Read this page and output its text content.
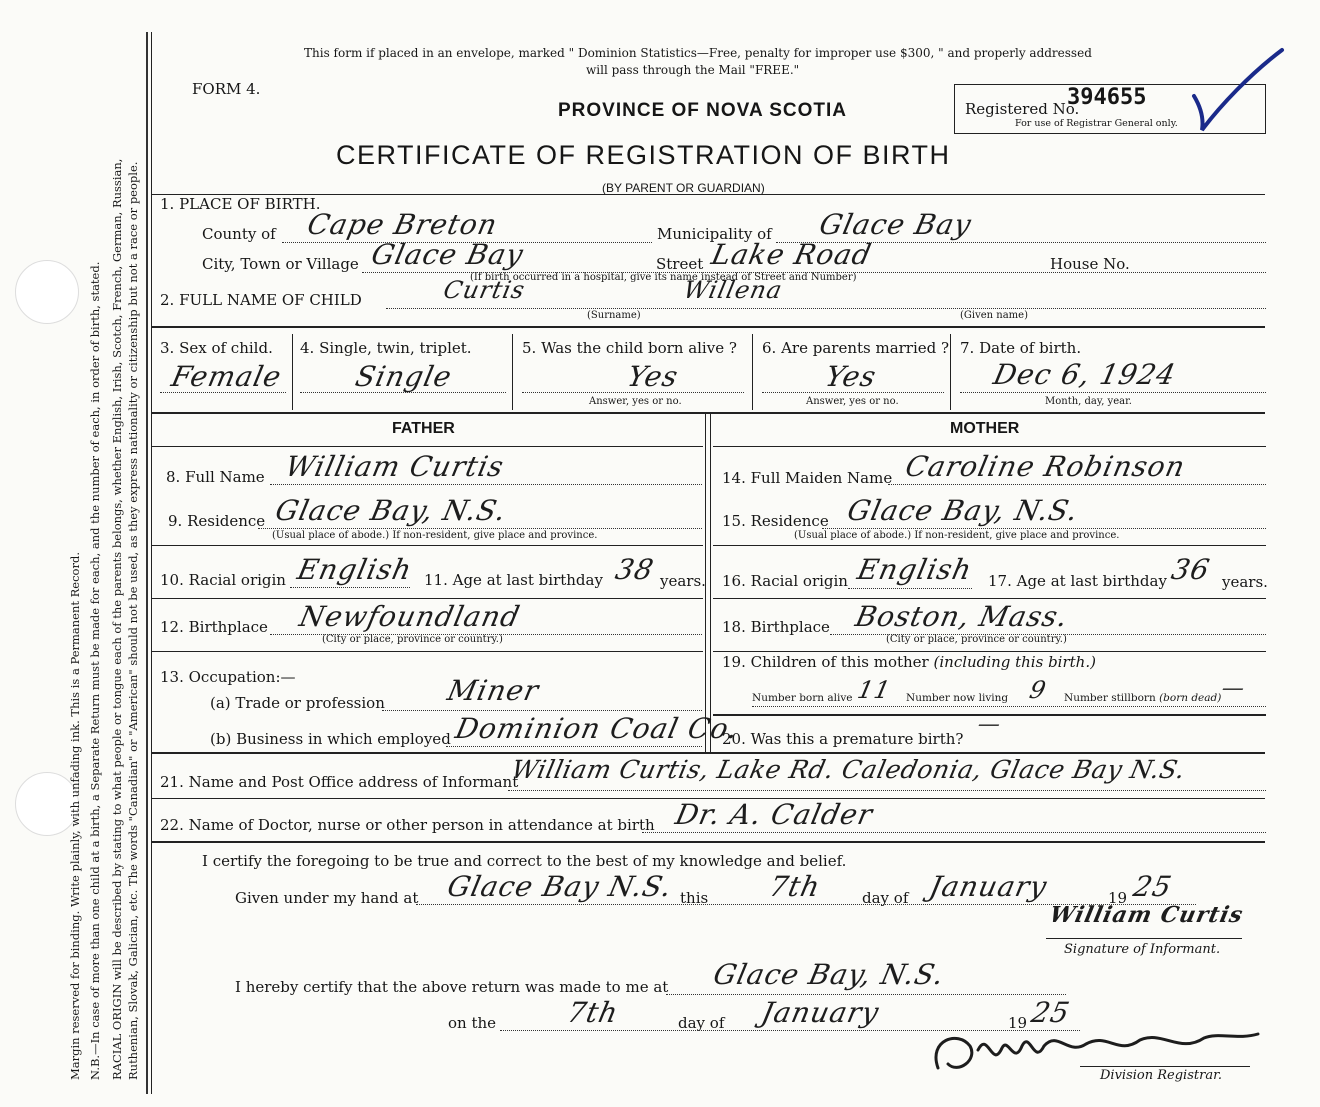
Margin reserved for binding. Write plainly, with unfading ink. This is a Permanent Record. N.B.—In case of more than one child at a birth, a Separate Return must be made for each, and the number of each, in order of birth, stated. RACIAL ORIGIN will be described by stating to what people or tongue each of the parents belongs, whether English, Irish, Scotch, French, German, Russian, Ruthenian, Slovak, Galician, etc. The words "Canadian" or "American" should not be used, as they express nationality or citizenship but not a race or people.
This form if placed in an envelope, marked " Dominion Statistics—Free, penalty for improper use $300, " and properly addressed
will pass through the Mail "FREE."
FORM 4.
PROVINCE OF NOVA SCOTIA
CERTIFICATE OF REGISTRATION OF BIRTH
(BY PARENT OR GUARDIAN)
Registered No.
394655
For use of Registrar General only.
1. PLACE OF BIRTH.
County of Cape Breton	Municipality of Glace Bay
City, Town or Village Glace Bay	Street Lake Road	House No.
(If birth occurred in a hospital, give its name instead of Street and Number)
2. FULL NAME OF CHILD	Curtis	Willena
(Surname)	(Given name)
3. Sex of child.
Female
4. Single, twin, triplet.
Single
5. Was the child born alive ?
Yes
Answer, yes or no.
6. Are parents married ?
Yes
Answer, yes or no.
7. Date of birth.
Dec 6, 1924
Month, day, year.
FATHER	MOTHER
8. Full Name William Curtis
9. Residence Glace Bay, N.S.
(Usual place of abode.) If non-resident, give place and province.
10. Racial origin English 11. Age at last birthday 38 years.
12. Birthplace Newfoundland
(City or place, province or country.)
13. Occupation:—
(a) Trade or profession Miner
(b) Business in which employed Dominion Coal Co.
14. Full Maiden Name Caroline Robinson
15. Residence Glace Bay, N.S.
(Usual place of abode.) If non-resident, give place and province.
16. Racial origin English 17. Age at last birthday 36 years.
18. Birthplace Boston, Mass.
(City or place, province or country.)
19. Children of this mother (including this birth.)
Number born alive 11 Number now living 9 Number stillborn (born dead)
—
20. Was this a premature birth?
—
21. Name and Post Office address of Informant
William Curtis, Lake Rd. Caledonia, Glace Bay N.S.
22. Name of Doctor, nurse or other person in attendance at birth Dr. A. Calder
I certify the foregoing to be true and correct to the best of my knowledge and belief.
Given under my hand at Glace Bay N.S. this 7th	day of January	19 25
William Curtis
Signature of Informant.
I hereby certify that the above return was made to me at Glace Bay, N.S.
on the 7th	day of January	19 25
Division Registrar.
